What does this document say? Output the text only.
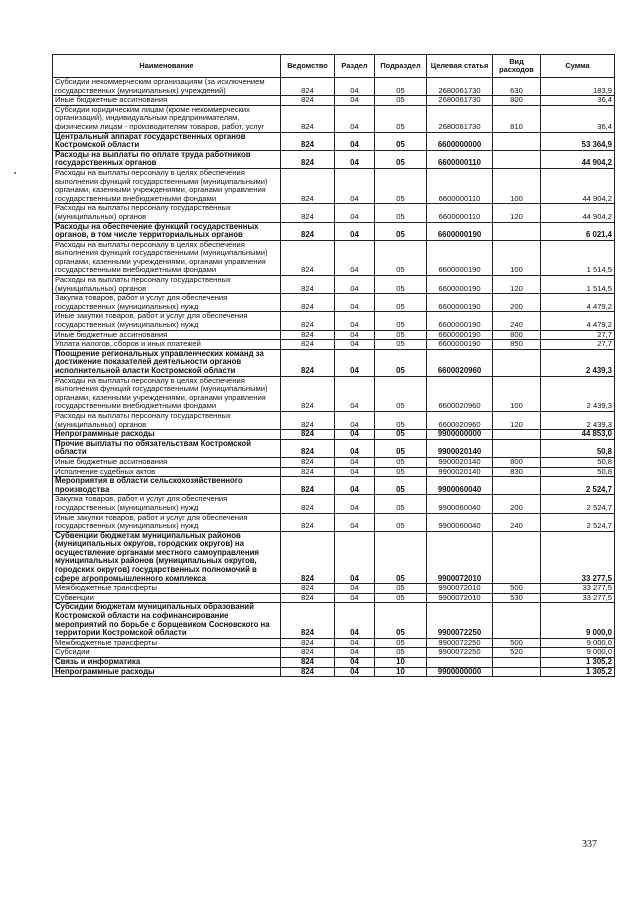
Наименование	Ведомство	Раздел	Подраздел	Целевая статья	Вид расходов	Сумма
Субсидии некоммерческим организациям (за исключением государственных (муниципальных) учреждений)	824	04	05	2680061730	630	183,9
Иные бюджетные ассигнования	824	04	05	2680061730	800	36,4
Субсидии юридическим лицам (кроме некоммерческих организаций), индивидуальным предпринимателям, физическим лицам - производителям товаров, работ, услуг	824	04	05	2680061730	810	36,4
Центральный аппарат государственных органов Костромской области	824	04	05	6600000000		53 364,9
Расходы на выплаты по оплате труда работников государственных органов	824	04	05	6600000110		44 904,2
Расходы на выплаты персоналу в целях обеспечения выполнения функций государственными (муниципальными) органами, казенными учреждениями, органами управления государственными внебюджетными фондами	824	04	05	6600000110	100	44 904,2
Расходы на выплаты персоналу государственных (муниципальных) органов	824	04	05	6600000110	120	44 904,2
Расходы на обеспечение функций государственных органов, в том числе территориальных органов	824	04	05	6600000190		6 021,4
Расходы на выплаты персоналу в целях обеспечения выполнения функций государственными (муниципальными) органами, казенными учреждениями, органами управления государственными внебюджетными фондами	824	04	05	6600000190	100	1 514,5
Расходы на выплаты персоналу государственных (муниципальных) органов	824	04	05	6600000190	120	1 514,5
Закупка товаров, работ и услуг для обеспечения государственных (муниципальных) нужд	824	04	05	6600000190	200	4 479,2
Иные закупки товаров, работ и услуг для обеспечения государственных (муниципальных) нужд	824	04	05	6600000190	240	4 479,2
Иные бюджетные ассигнования	824	04	05	6600000190	800	27,7
Уплата налогов, сборов и иных платежей	824	04	05	6600000190	850	27,7
Поощрение региональных управленческих команд за достижение показателей деятельности органов исполнительной власти Костромской области	824	04	05	6600020960		2 439,3
Расходы на выплаты персоналу в целях обеспечения выполнения функций государственными (муниципальными) органами, казенными учреждениями, органами управления государственными внебюджетными фондами	824	04	05	6600020960	100	2 439,3
Расходы на выплаты персоналу государственных (муниципальных) органов	824	04	05	6600020960	120	2 439,3
Непрограммные расходы	824	04	05	9900000000		44 853,0
Прочие выплаты по обязательствам Костромской области	824	04	05	9900020140		50,8
Иные бюджетные ассигнования	824	04	05	9900020140	800	50,8
Исполнение судебных актов	824	04	05	9900020140	830	50,8
Мероприятия в области сельскохозяйственного производства	824	04	05	9900060040		2 524,7
Закупка товаров, работ и услуг для обеспечения государственных (муниципальных) нужд	824	04	05	9900060040	200	2 524,7
Иные закупки товаров, работ и услуг для обеспечения государственных (муниципальных) нужд	824	04	05	9900060040	240	2 524,7
Субвенции бюджетам муниципальных районов (муниципальных округов, городских округов) на осуществление органами местного самоуправления муниципальных районов (муниципальных округов, городских округов) государственных полномочий в сфере агропромышленного комплекса	824	04	05	9900072010		33 277,5
Межбюджетные трансферты	824	04	05	9900072010	500	33 277,5
Субвенции	824	04	05	9900072010	530	33 277,5
Субсидии бюджетам муниципальных образований Костромской области на софинансирование мероприятий по борьбе с борщевиком Сосновского на территории Костромской области	824	04	05	9900072250		9 000,0
Межбюджетные трансферты	824	04	05	9900072250	500	9 000,0
Субсидии	824	04	05	9900072250	520	9 000,0
Связь и информатика	824	04	10			1 305,2
Непрограммные расходы	824	04	10	9900000000		1 305,2
337
